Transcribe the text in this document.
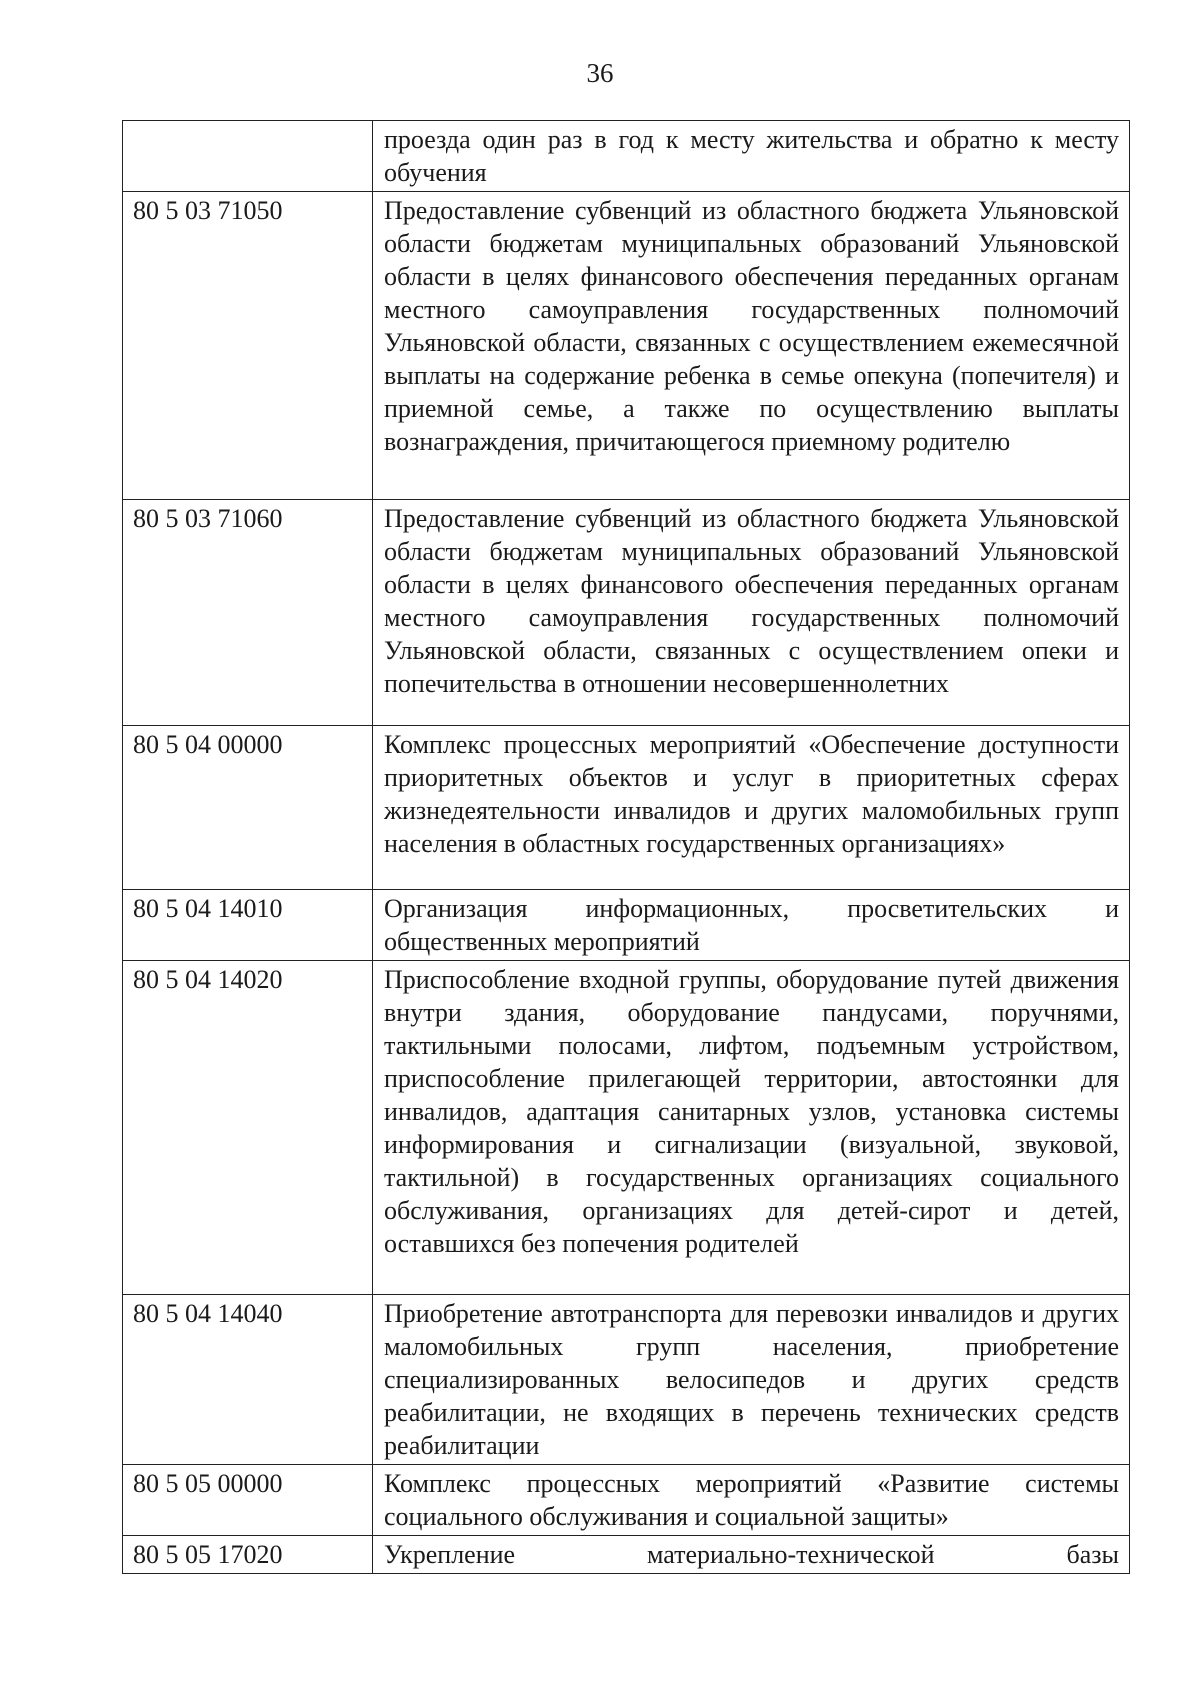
36
	проезда один раз в год к месту жительства и обратно к месту обучения
80 5 03 71050	Предоставление субвенций из областного бюджета Ульяновской области бюджетам муниципальных образований Ульяновской области в целях финансового обеспечения переданных органам местного самоуправления государственных полномочий Ульяновской области, связанных с осуществлением ежемесячной выплаты на содержание ребенка в семье опекуна (попечителя) и приемной семье, а также по осуществлению выплаты вознаграждения, причитающегося приемному родителю
80 5 03 71060	Предоставление субвенций из областного бюджета Ульяновской области бюджетам муниципальных образований Ульяновской области в целях финансового обеспечения переданных органам местного самоуправления государственных полномочий Ульяновской области, связанных с осуществлением опеки и попечительства в отношении несовершеннолетних
80 5 04 00000	Комплекс процессных мероприятий «Обеспечение доступности приоритетных объектов и услуг в приоритетных сферах жизнедеятельности инвалидов и других маломобильных групп населения в областных государственных организациях»
80 5 04 14010	Организация информационных, просветительских и общественных мероприятий
80 5 04 14020	Приспособление входной группы, оборудование путей движения внутри здания, оборудование пандусами, поручнями, тактильными полосами, лифтом, подъемным устройством, приспособление прилегающей территории, автостоянки для инвалидов, адаптация санитарных узлов, установка системы информирования и сигнализации (визуальной, звуковой, тактильной) в государственных организациях социального обслуживания, организациях для детей-сирот и детей, оставшихся без попечения родителей
80 5 04 14040	Приобретение автотранспорта для перевозки инвалидов и других маломобильных групп населения, приобретение специализированных велосипедов и других средств реабилитации, не входящих в перечень технических средств реабилитации
80 5 05 00000	Комплекс процессных мероприятий «Развитие системы социального обслуживания и социальной защиты»
80 5 05 17020	Укрепление материально-технической базы
